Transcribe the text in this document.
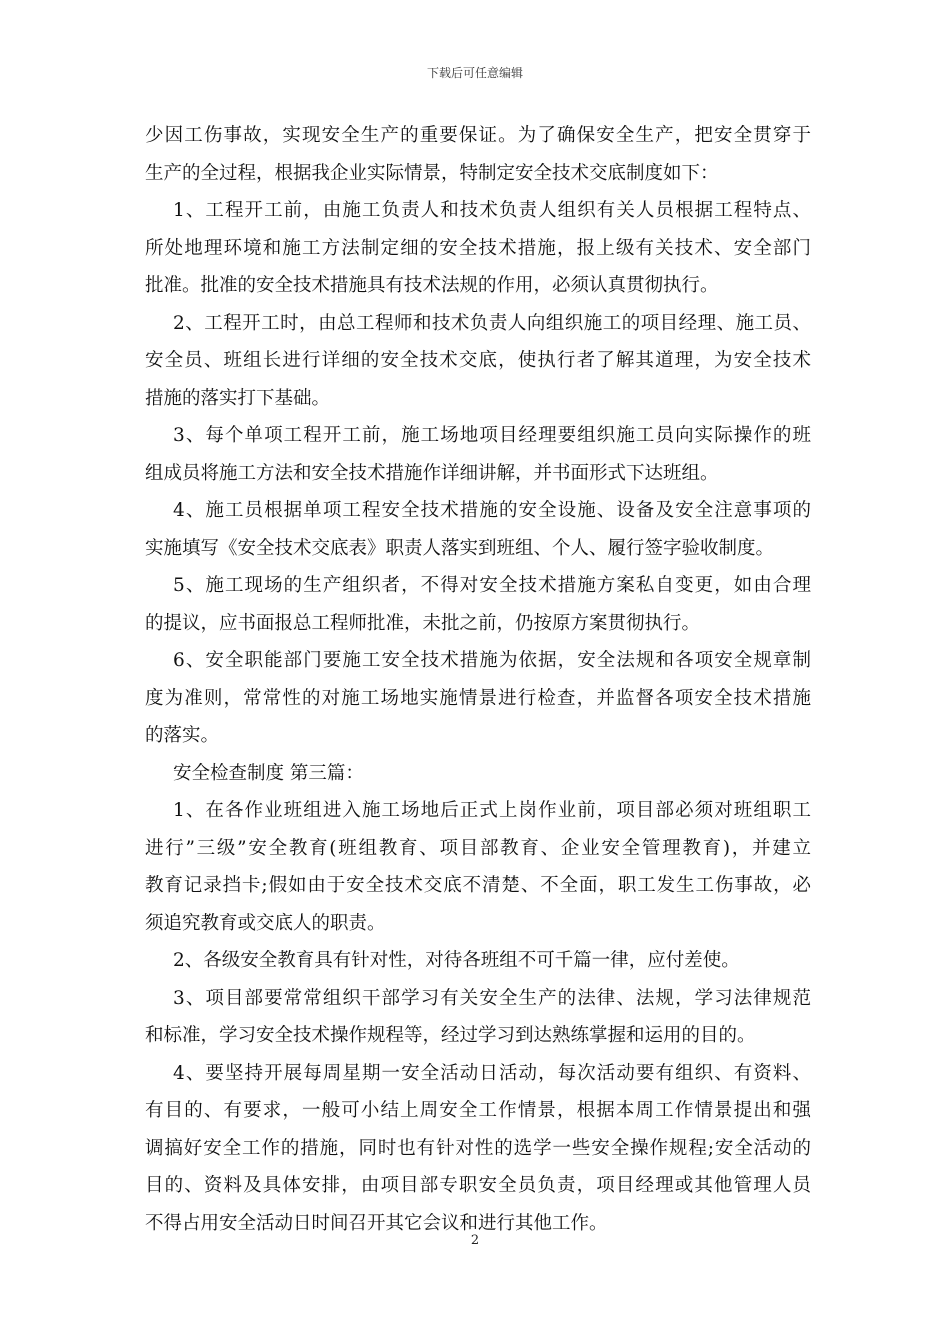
下载后可任意编辑
少因工伤事故，实现安全生产的重要保证。为了确保安全生产，把安全贯穿于
生产的全过程，根据我企业实际情景，特制定安全技术交底制度如下：
1、工程开工前，由施工负责人和技术负责人组织有关人员根据工程特点、
所处地理环境和施工方法制定细的安全技术措施，报上级有关技术、安全部门
批准。批准的安全技术措施具有技术法规的作用，必须认真贯彻执行。
2、工程开工时，由总工程师和技术负责人向组织施工的项目经理、施工员、
安全员、班组长进行详细的安全技术交底，使执行者了解其道理，为安全技术
措施的落实打下基础。
3、每个单项工程开工前，施工场地项目经理要组织施工员向实际操作的班
组成员将施工方法和安全技术措施作详细讲解，并书面形式下达班组。
4、施工员根据单项工程安全技术措施的安全设施、设备及安全注意事项的
实施填写《安全技术交底表》职责人落实到班组、个人、履行签字验收制度。
5、施工现场的生产组织者，不得对安全技术措施方案私自变更，如由合理
的提议，应书面报总工程师批准，未批之前，仍按原方案贯彻执行。
6、安全职能部门要施工安全技术措施为依据，安全法规和各项安全规章制
度为准则，常常性的对施工场地实施情景进行检查，并监督各项安全技术措施
的落实。
安全检查制度 第三篇：
1、在各作业班组进入施工场地后正式上岗作业前，项目部必须对班组职工
进行”三级”安全教育(班组教育、项目部教育、企业安全管理教育)，并建立
教育记录挡卡;假如由于安全技术交底不清楚、不全面，职工发生工伤事故，必
须追究教育或交底人的职责。
2、各级安全教育具有针对性，对待各班组不可千篇一律，应付差使。
3、项目部要常常组织干部学习有关安全生产的法律、法规，学习法律规范
和标准，学习安全技术操作规程等，经过学习到达熟练掌握和运用的目的。
4、要坚持开展每周星期一安全活动日活动，每次活动要有组织、有资料、
有目的、有要求，一般可小结上周安全工作情景，根据本周工作情景提出和强
调搞好安全工作的措施，同时也有针对性的选学一些安全操作规程;安全活动的
目的、资料及具体安排，由项目部专职安全员负责，项目经理或其他管理人员
不得占用安全活动日时间召开其它会议和进行其他工作。
2
